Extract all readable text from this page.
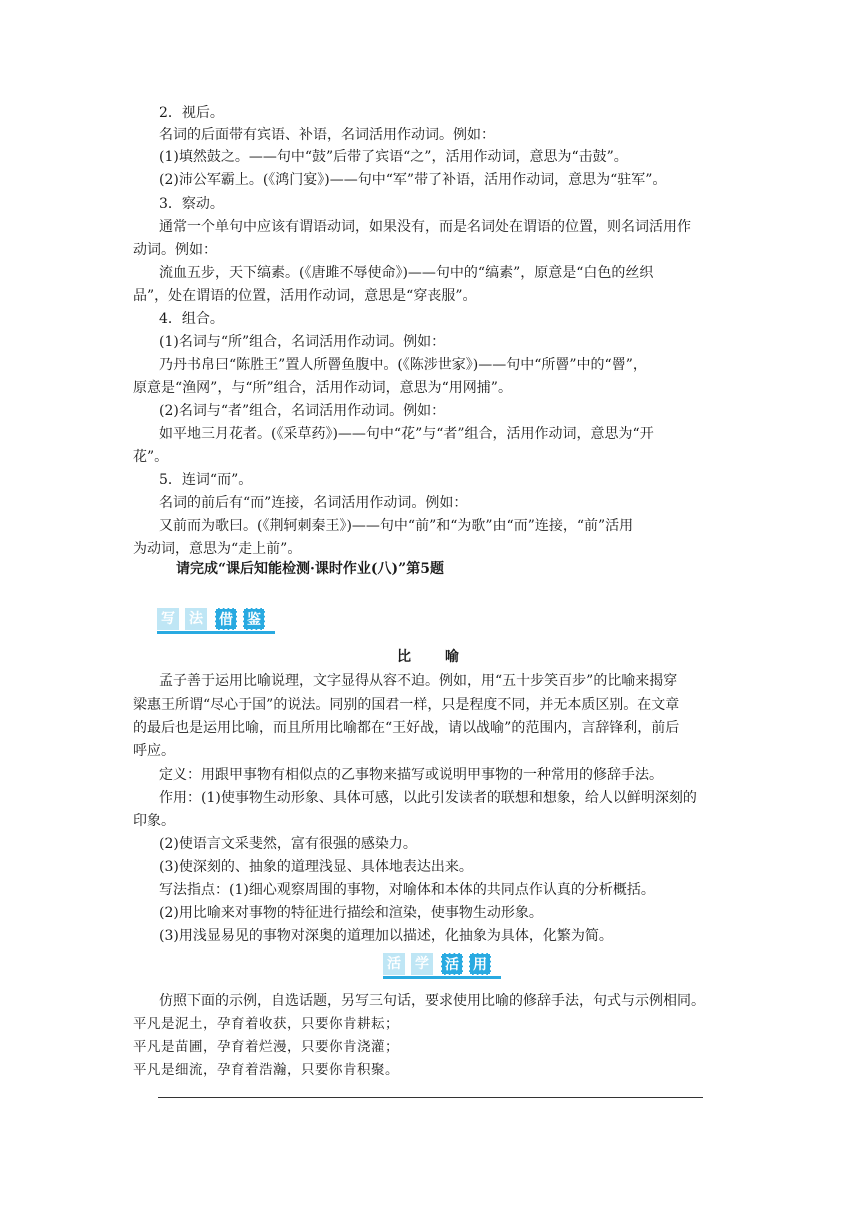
2．视后。
名词的后面带有宾语、补语，名词活用作动词。例如：
(1)填然鼓之。——句中“鼓”后带了宾语“之”，活用作动词，意思为“击鼓”。
(2)沛公军霸上。(《鸿门宴》)——句中“军”带了补语，活用作动词，意思为“驻军”。
3．察动。
通常一个单句中应该有谓语动词，如果没有，而是名词处在谓语的位置，则名词活用作
动词。例如：
流血五步，天下缟素。(《唐雎不辱使命》)——句中的“缟素”，原意是“白色的丝织
品”，处在谓语的位置，活用作动词，意思是“穿丧服”。
4．组合。
(1)名词与“所”组合，名词活用作动词。例如：
乃丹书帛曰“陈胜王”置人所罾鱼腹中。(《陈涉世家》)——句中“所罾”中的“罾”，
原意是“渔网”，与“所”组合，活用作动词，意思为“用网捕”。
(2)名词与“者”组合，名词活用作动词。例如：
如平地三月花者。(《采草药》)——句中“花”与“者”组合，活用作动词，意思为“开
花”。
5．连词“而”。
名词的前后有“而”连接，名词活用作动词。例如：
又前而为歌曰。(《荆轲刺秦王》)——句中“前”和“为歌”由“而”连接，“前”活用
为动词，意思为“走上前”。
请完成“课后知能检测·课时作业(八)”第5题
写 法 借 鉴
比　喻
孟子善于运用比喻说理，文字显得从容不迫。例如，用“五十步笑百步”的比喻来揭穿
梁惠王所谓“尽心于国”的说法。同别的国君一样，只是程度不同，并无本质区别。在文章
的最后也是运用比喻，而且所用比喻都在“王好战，请以战喻”的范围内，言辞锋利，前后
呼应。
定义：用跟甲事物有相似点的乙事物来描写或说明甲事物的一种常用的修辞手法。
作用：(1)使事物生动形象、具体可感，以此引发读者的联想和想象，给人以鲜明深刻的
印象。
(2)使语言文采斐然，富有很强的感染力。
(3)使深刻的、抽象的道理浅显、具体地表达出来。
写法指点：(1)细心观察周围的事物，对喻体和本体的共同点作认真的分析概括。
(2)用比喻来对事物的特征进行描绘和渲染，使事物生动形象。
(3)用浅显易见的事物对深奥的道理加以描述，化抽象为具体，化繁为简。
活 学 活 用
仿照下面的示例，自选话题，另写三句话，要求使用比喻的修辞手法，句式与示例相同。
平凡是泥土，孕育着收获，只要你肯耕耘；
平凡是苗圃，孕育着烂漫，只要你肯浇灌；
平凡是细流，孕育着浩瀚，只要你肯积聚。
